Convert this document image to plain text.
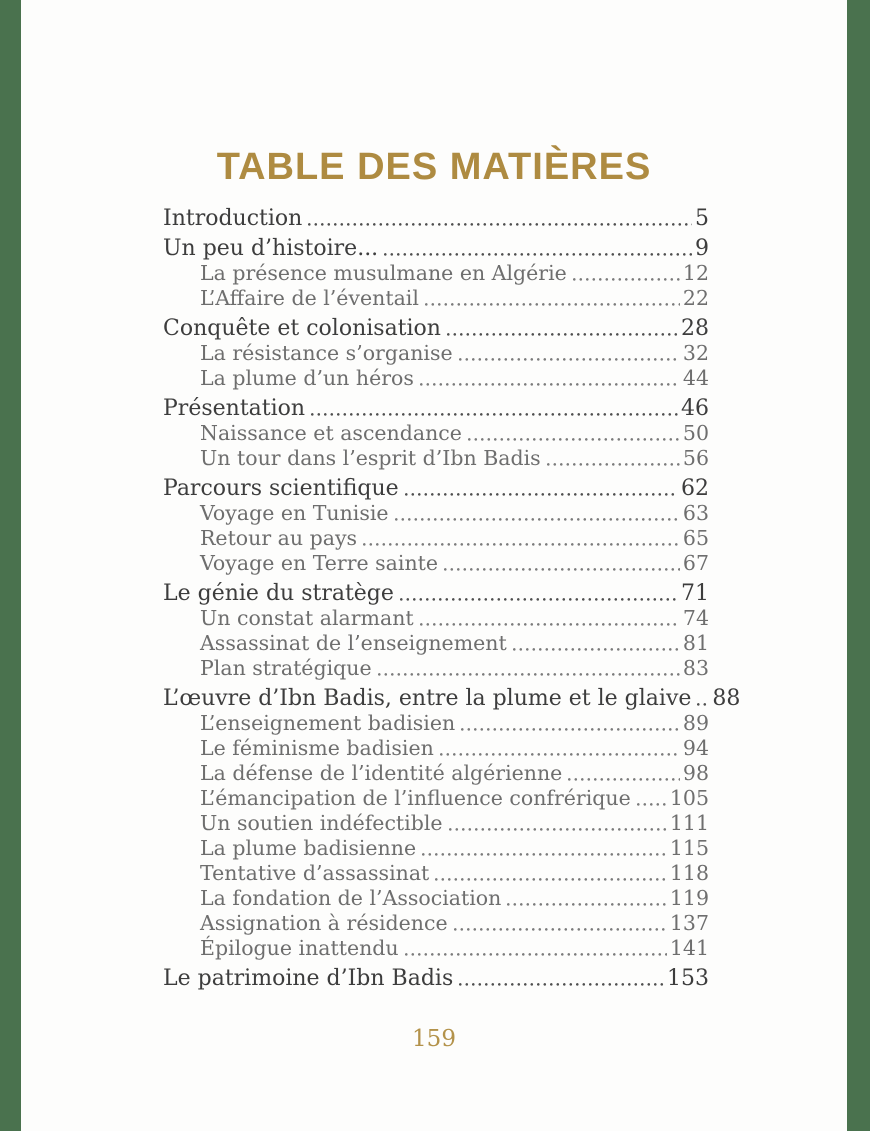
TABLE DES MATIÈRES
Introduction	5
Un peu d’histoire...	9
La présence musulmane en Algérie	12
L’Affaire de l’éventail	22
Conquête et colonisation	28
La résistance s’organise	32
La plume d’un héros	44
Présentation	46
Naissance et ascendance	50
Un tour dans l’esprit d’Ibn Badis	56
Parcours scientifique	62
Voyage en Tunisie	63
Retour au pays	65
Voyage en Terre sainte	67
Le génie du stratège	71
Un constat alarmant	74
Assassinat de l’enseignement	81
Plan stratégique	83
L’œuvre d’Ibn Badis, entre la plume et le glaive 88
L’enseignement badisien	89
Le féminisme badisien	94
La défense de l’identité algérienne	98
L’émancipation de l’influence confrérique 105
Un soutien indéfectible	111
La plume badisienne	115
Tentative d’assassinat	118
La fondation de l’Association	119
Assignation à résidence	137
Épilogue inattendu	141
Le patrimoine d’Ibn Badis	153
159
